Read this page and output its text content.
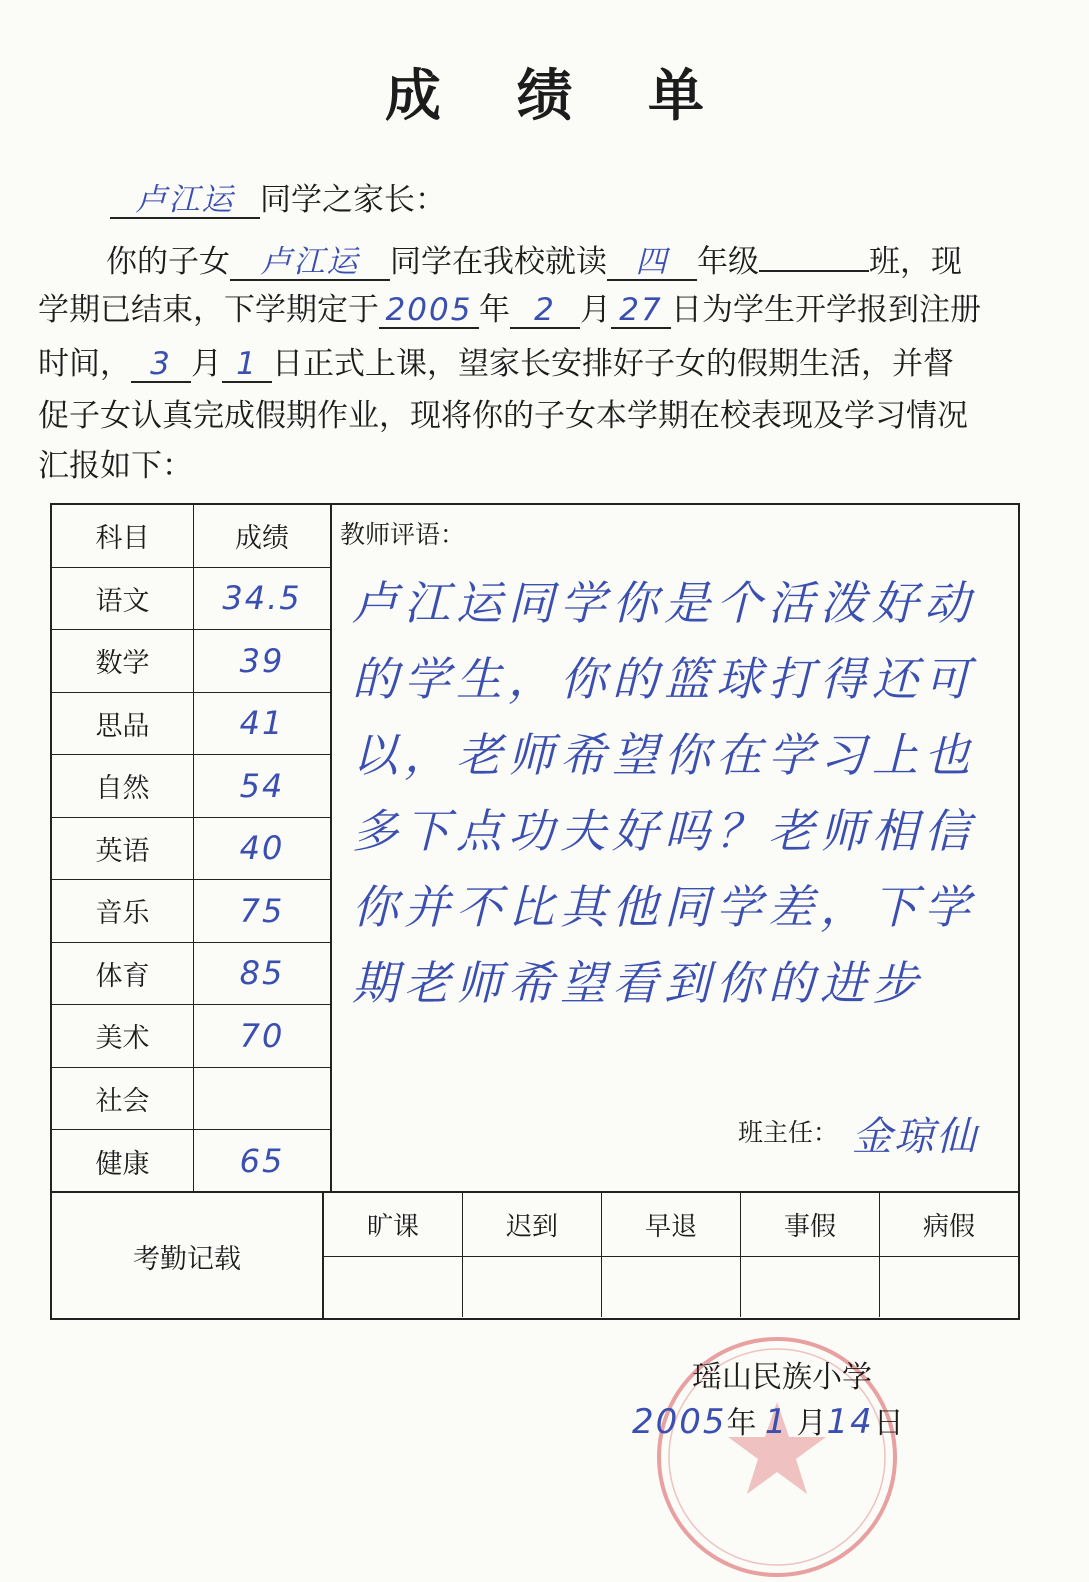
成 绩 单
卢江运 同学之家长：
你的子女 卢江运 同学在我校就读 四 年级	班，现
学期已结束，下学期定于 2005 年 2 月 27 日为学生开学报到注册
时间， 3 月 1 日正式上课，望家长安排好子女的假期生活，并督
促子女认真完成假期作业，现将你的子女本学期在校表现及学习情况
汇报如下：
科目	成绩
语文	34.5
数学	39
思品	41
自然	54
英语	40
音乐	75
体育	85
美术	70
社会
健康	65
教师评语：
卢江运同学你是个活泼好动的学生，你的篮球打得还可以，老师希望你在学习上也多下点功夫好吗？老师相信你并不比其他同学差，下学期老师希望看到你的进步
班主任： 金琼仙
考勤记载
旷课	迟到	早退	事假	病假
瑶山民族小学
2005年 1 月14日
